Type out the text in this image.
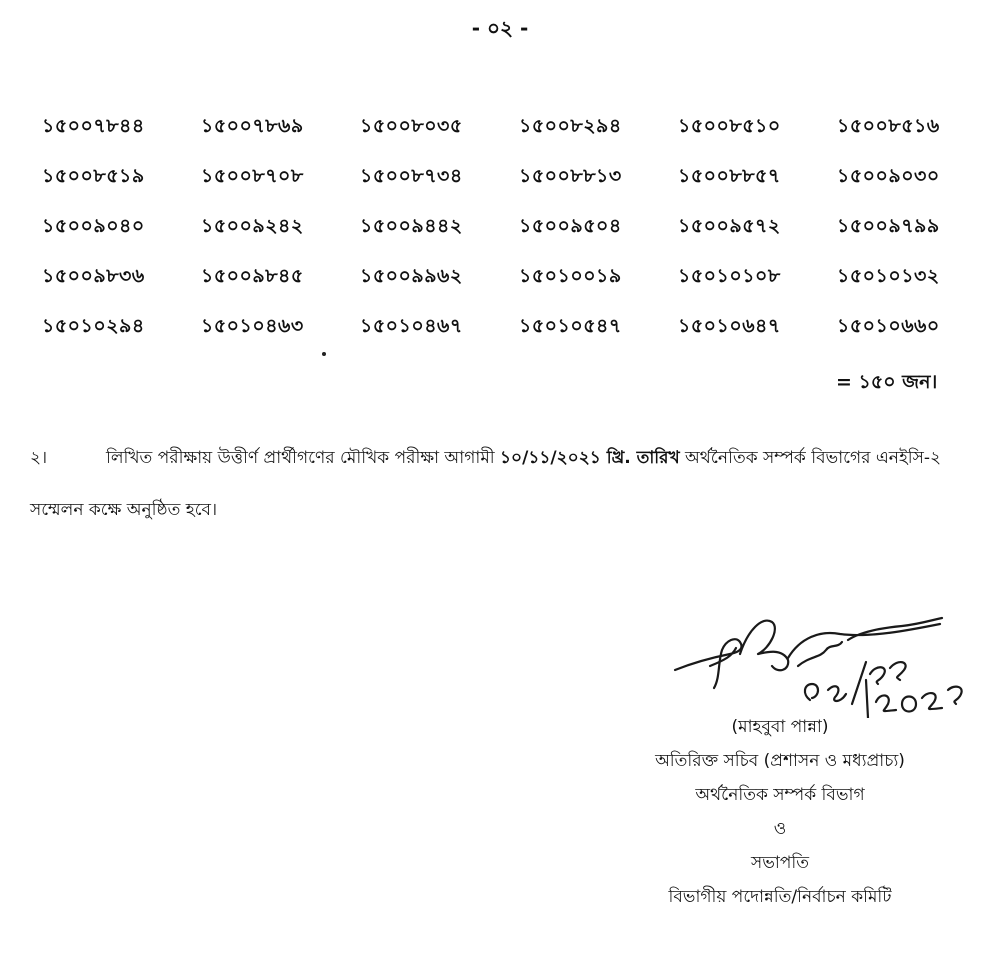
- ০২ -
১৫০০৭৮৪৪	১৫০০৭৮৬৯	১৫০০৮০৩৫	১৫০০৮২৯৪	১৫০০৮৫১০	১৫০০৮৫১৬
১৫০০৮৫১৯	১৫০০৮৭০৮	১৫০০৮৭৩৪	১৫০০৮৮১৩	১৫০০৮৮৫৭	১৫০০৯০৩০
১৫০০৯০৪০	১৫০০৯২৪২	১৫০০৯৪৪২	১৫০০৯৫০৪	১৫০০৯৫৭২	১৫০০৯৭৯৯
১৫০০৯৮৩৬	১৫০০৯৮৪৫	১৫০০৯৯৬২	১৫০১০০১৯	১৫০১০১০৮	১৫০১০১৩২
১৫০১০২৯৪	১৫০১০৪৬৩	১৫০১০৪৬৭	১৫০১০৫৪৭	১৫০১০৬৪৭	১৫০১০৬৬০
= ১৫০ জন।
২।	লিখিত পরীক্ষায় উত্তীর্ণ প্রার্থীগণের মৌখিক পরীক্ষা আগামী ১০/১১/২০২১ খ্রি. তারিখ অর্থনৈতিক সম্পর্ক বিভাগের এনইসি-২ সম্মেলন কক্ষে অনুষ্ঠিত হবে।
(মাহবুবা পান্না)
অতিরিক্ত সচিব (প্রশাসন ও মধ্যপ্রাচ্য)
অর্থনৈতিক সম্পর্ক বিভাগ
ও
সভাপতি
বিভাগীয় পদোন্নতি/নির্বাচন কমিটি
